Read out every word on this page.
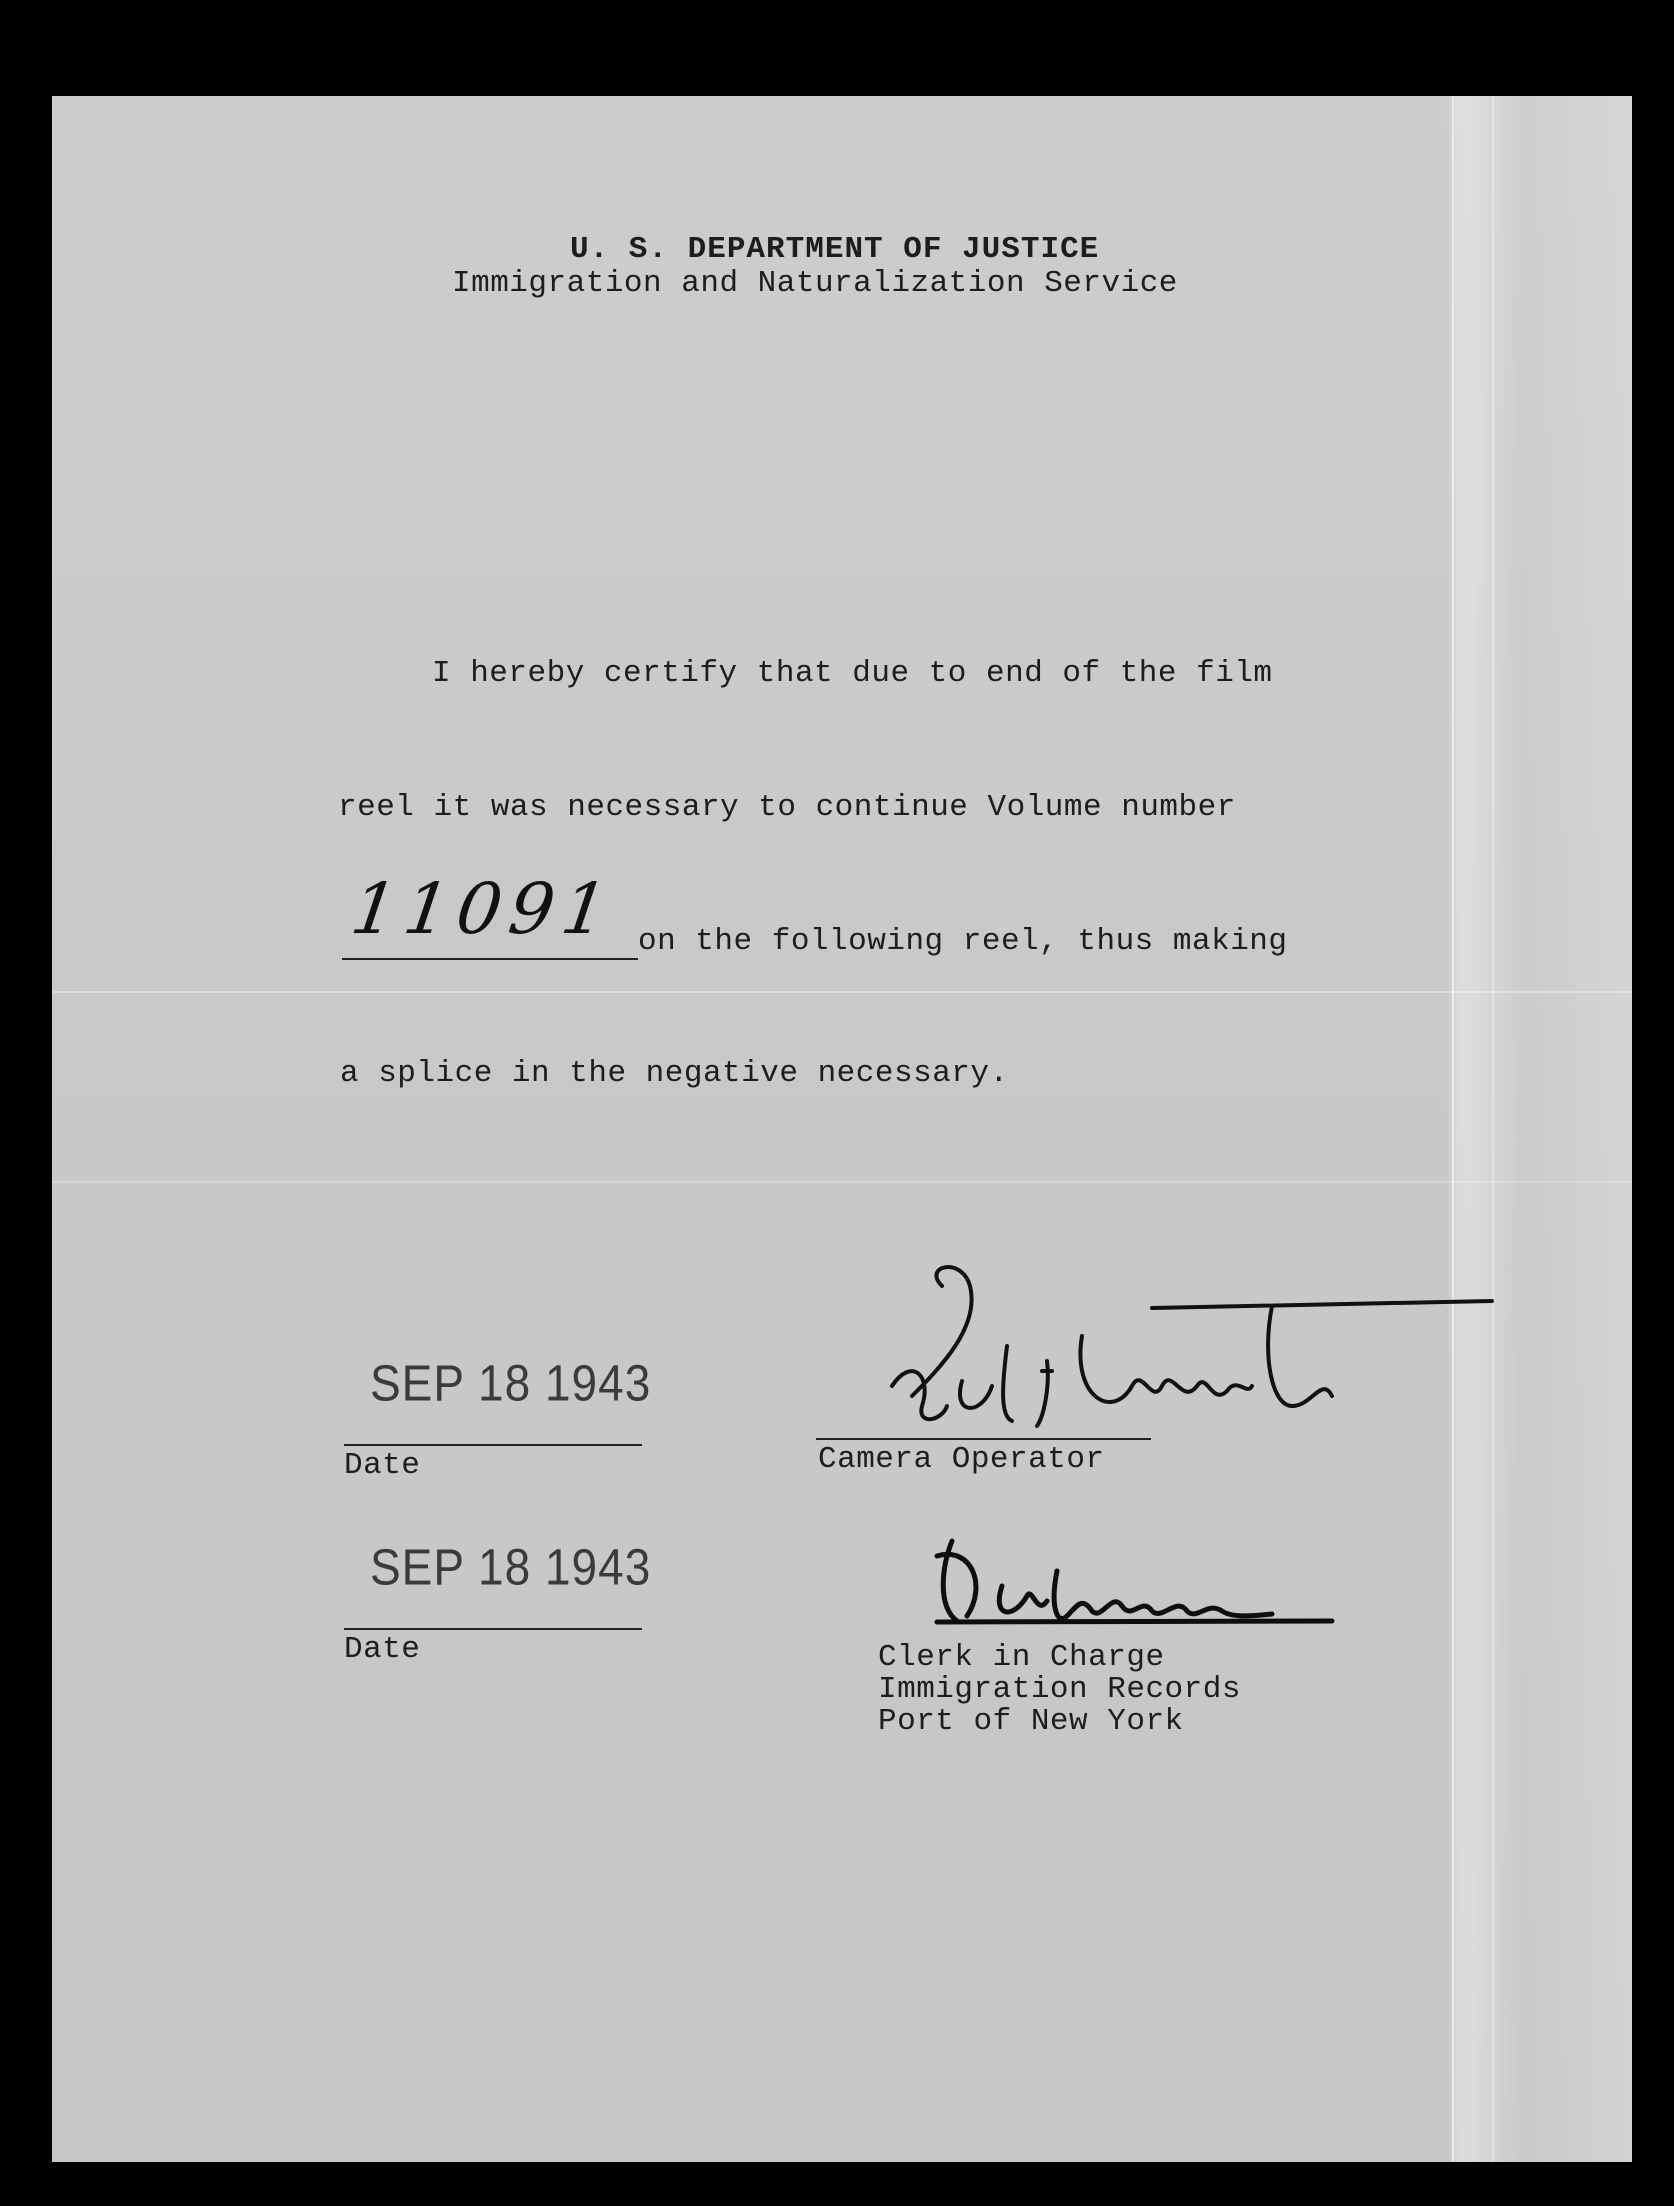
U. S. DEPARTMENT OF JUSTICE
Immigration and Naturalization Service
I hereby certify that due to end of the film
reel it was necessary to continue Volume number
11091 on the following reel, thus making
a splice in the negative necessary.
SEP 18 1943
Date	Camera Operator
SEP 18 1943
Date	Clerk in Charge
Immigration Records
Port of New York
